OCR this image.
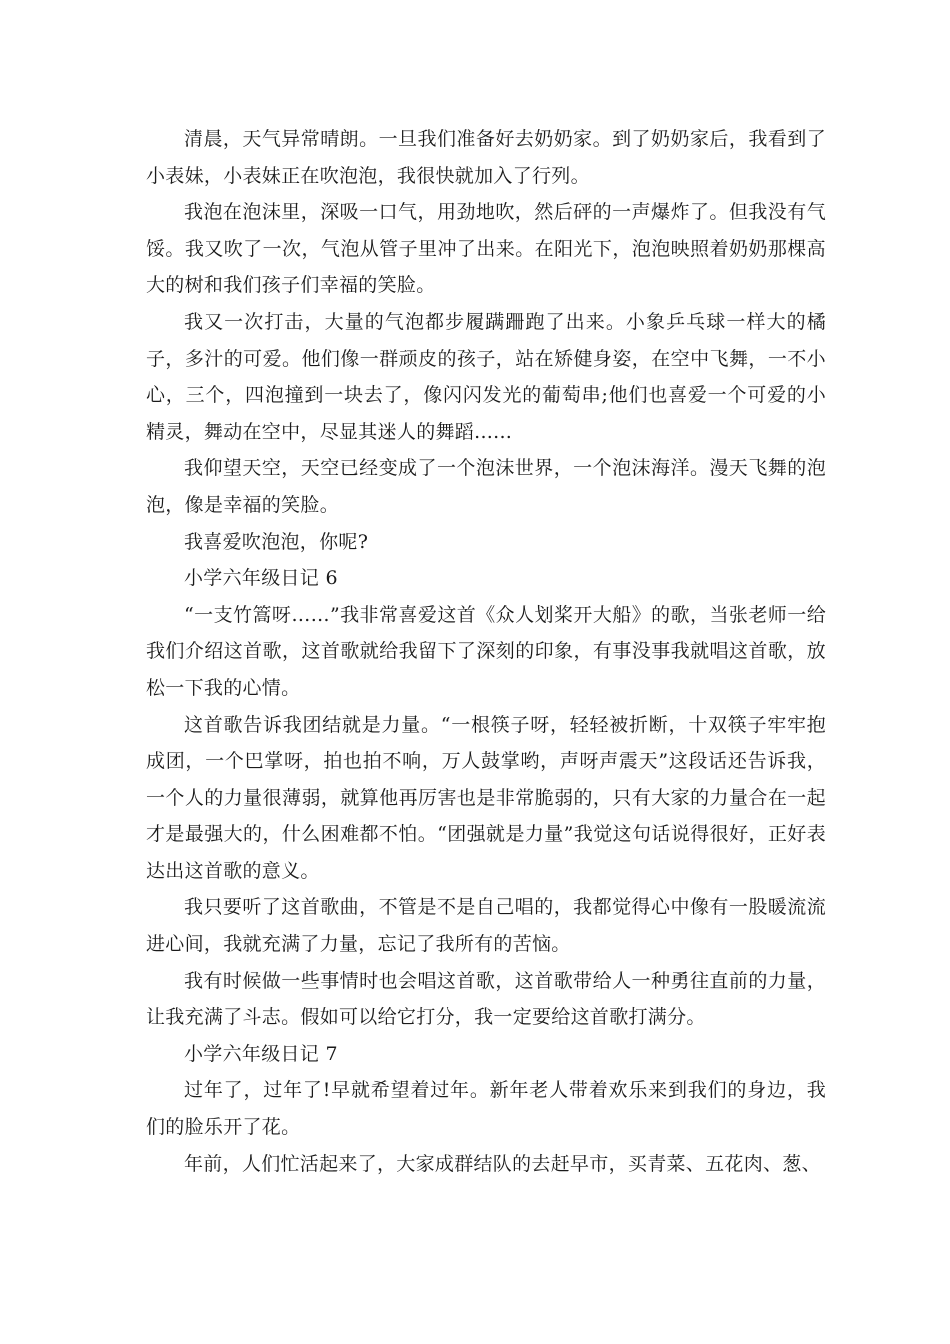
清晨，天气异常晴朗。一旦我们准备好去奶奶家。到了奶奶家后，我看到了小表妹，小表妹正在吹泡泡，我很快就加入了行列。

我泡在泡沫里，深吸一口气，用劲地吹，然后砰的一声爆炸了。但我没有气馁。我又吹了一次，气泡从管子里冲了出来。在阳光下，泡泡映照着奶奶那棵高大的树和我们孩子们幸福的笑脸。

我又一次打击，大量的气泡都步履蹒跚跑了出来。小象乒乓球一样大的橘子，多汁的可爱。他们像一群顽皮的孩子，站在矫健身姿，在空中飞舞，一不小心，三个，四泡撞到一块去了，像闪闪发光的葡萄串;他们也喜爱一个可爱的小精灵，舞动在空中，尽显其迷人的舞蹈......

我仰望天空，天空已经变成了一个泡沫世界，一个泡沫海洋。漫天飞舞的泡泡，像是幸福的笑脸。

我喜爱吹泡泡，你呢?

小学六年级日记 6

“一支竹篙呀……”我非常喜爱这首《众人划桨开大船》的歌，当张老师一给我们介绍这首歌，这首歌就给我留下了深刻的印象，有事没事我就唱这首歌，放松一下我的心情。

这首歌告诉我团结就是力量。“一根筷子呀，轻轻被折断，十双筷子牢牢抱成团，一个巴掌呀，拍也拍不响，万人鼓掌哟，声呀声震天”这段话还告诉我，一个人的力量很薄弱，就算他再厉害也是非常脆弱的，只有大家的力量合在一起才是最强大的，什么困难都不怕。“团强就是力量”我觉这句话说得很好，正好表达出这首歌的意义。

我只要听了这首歌曲，不管是不是自己唱的，我都觉得心中像有一股暖流流进心间，我就充满了力量，忘记了我所有的苦恼。

我有时候做一些事情时也会唱这首歌，这首歌带给人一种勇往直前的力量，让我充满了斗志。假如可以给它打分，我一定要给这首歌打满分。

小学六年级日记 7

过年了，过年了!早就希望着过年。新年老人带着欢乐来到我们的身边，我们的脸乐开了花。

年前，人们忙活起来了，大家成群结队的去赶早市，买青菜、五花肉、葱、
